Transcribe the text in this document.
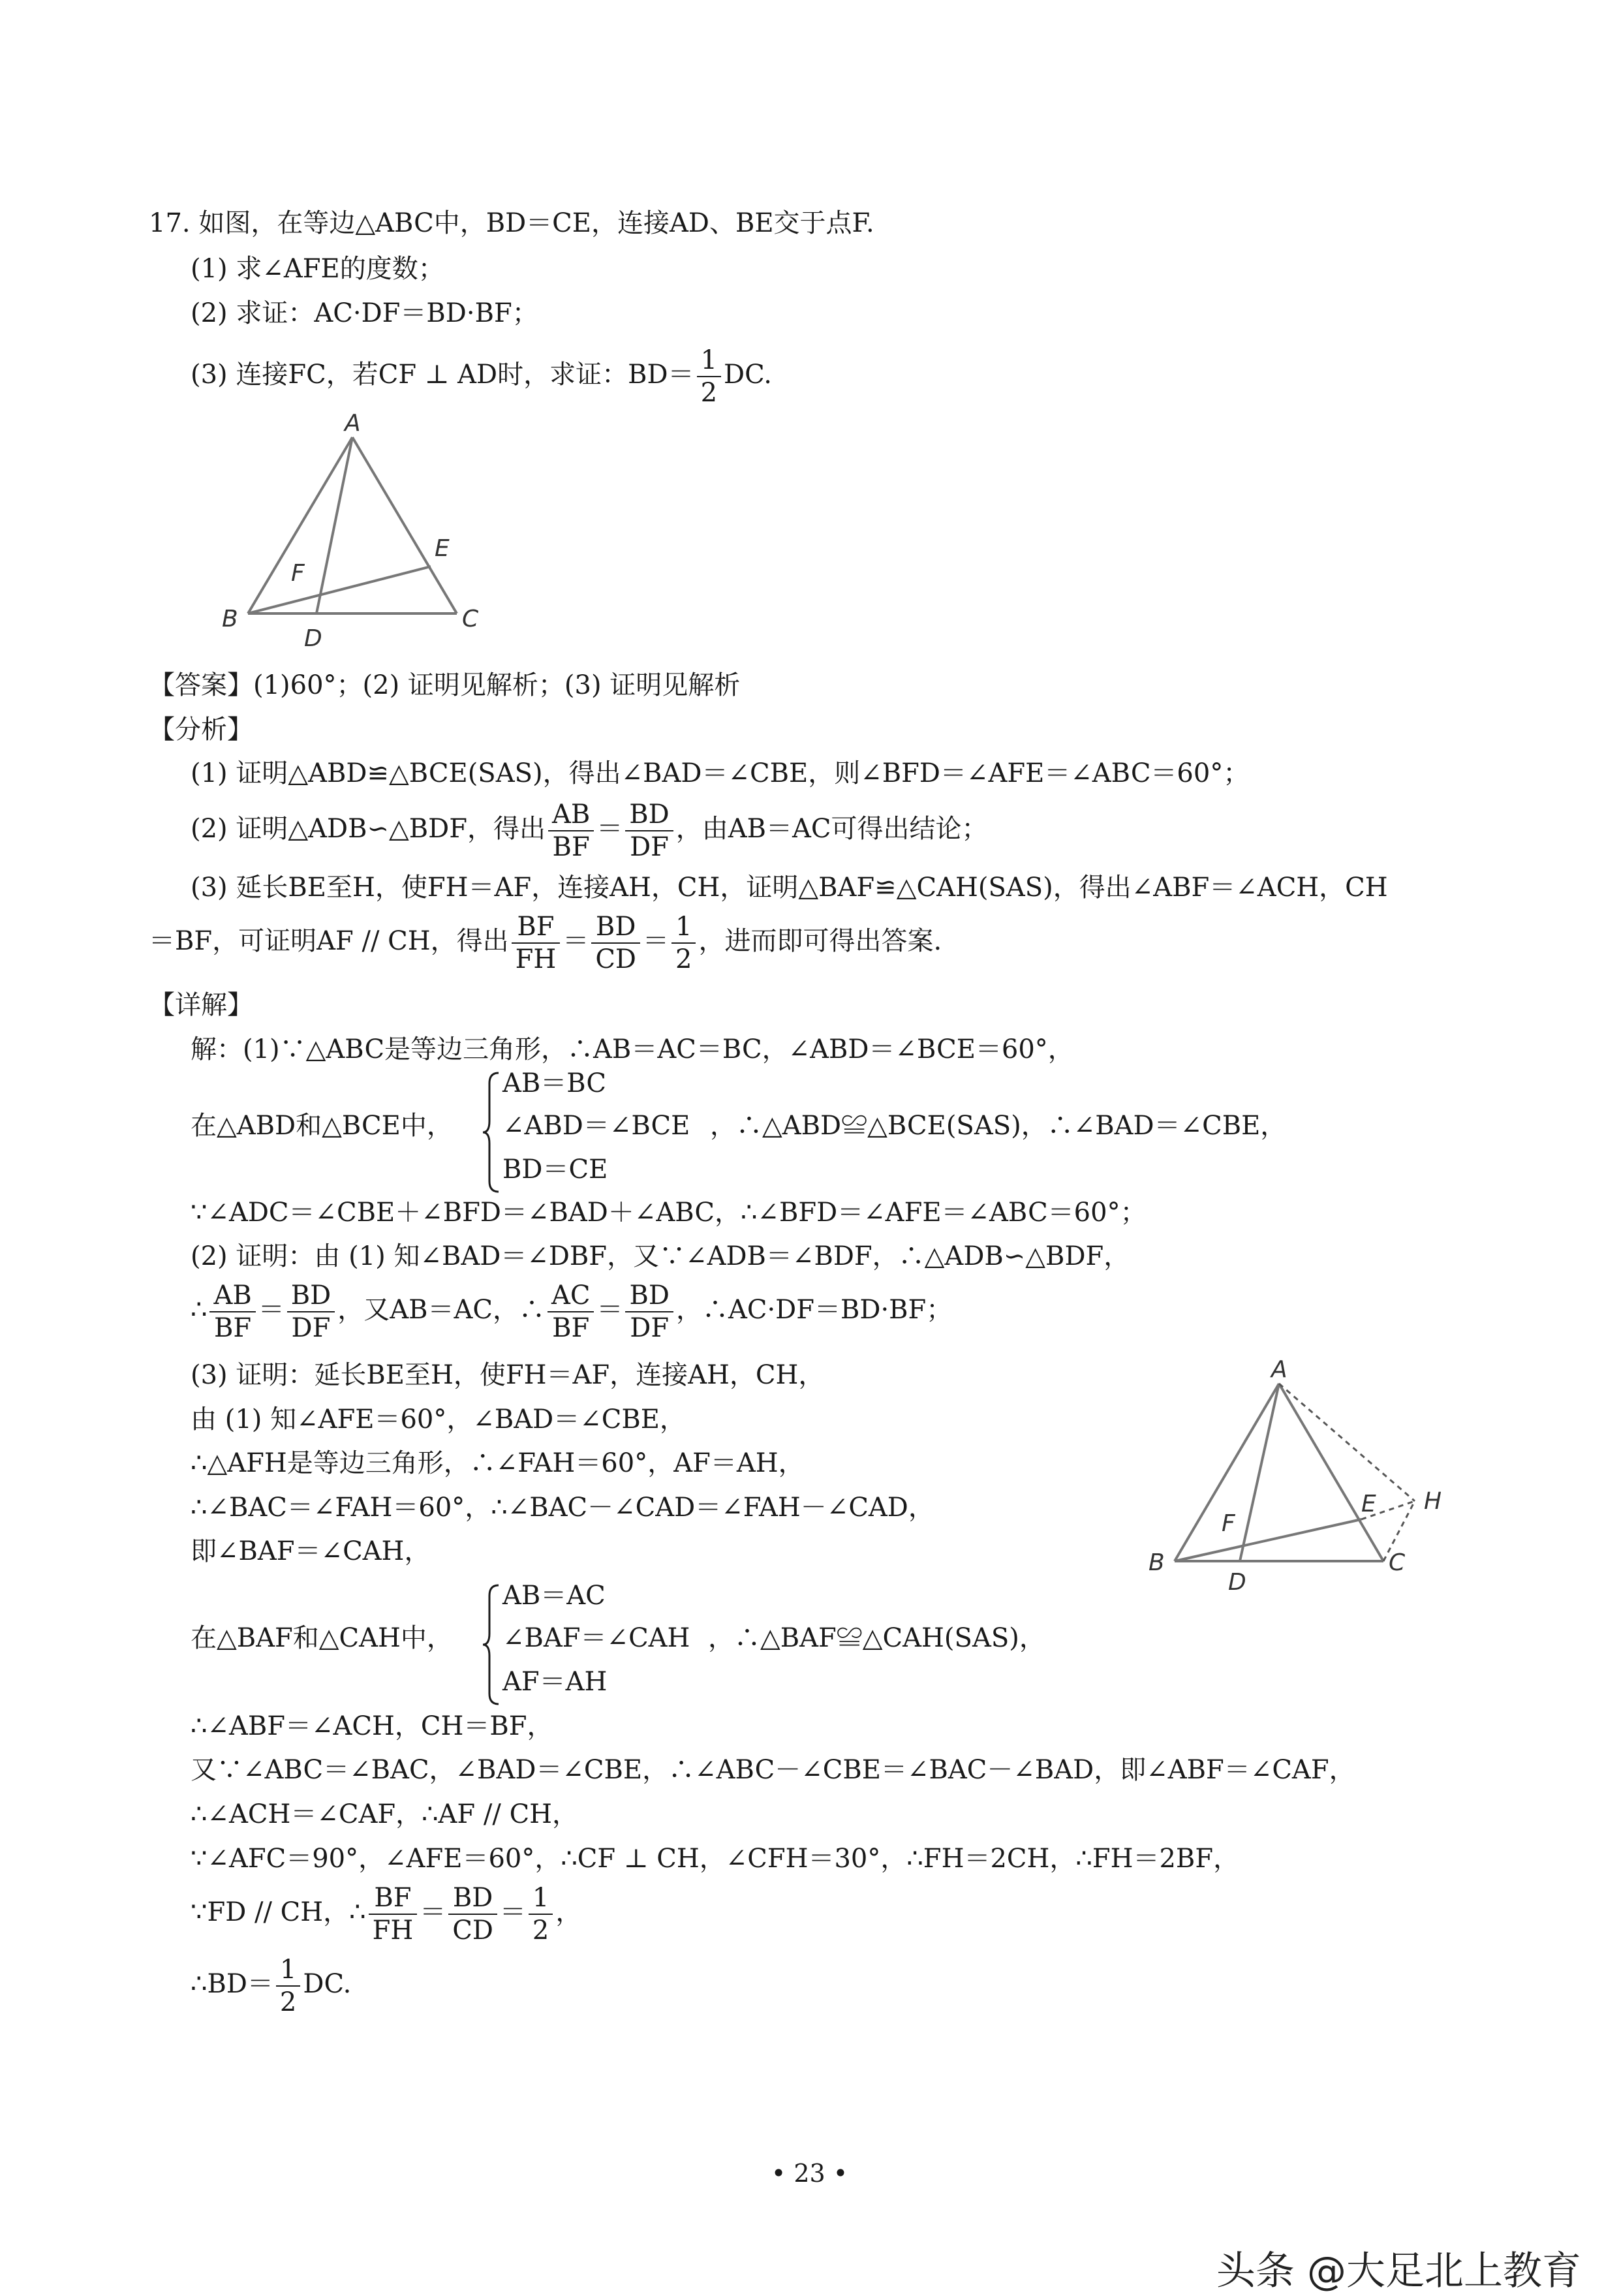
17. 如图，在等边△ABC中，BD＝CE，连接AD、BE交于点F.
(1) 求∠AFE的度数；
(2) 求证：AC·DF＝BD·BF；
(3) 连接FC，若CF ⊥ AD时，求证：$BD= \frac{1}{2}$ DC.
A
B	C
D
E
F
【答案】(1)60°；(2) 证明见解析；(3) 证明见解析
【分析】
(1) 证明△ABD≌△BCE(SAS)，得出∠BAD＝∠CBE，则∠BFD＝∠AFE＝∠ABC＝60°；
(2) 证明△ADB∽△BDF，得出 $\frac{AB}{BF} = \frac{BD}{DF}$ ，由AB＝AC可得出结论；
(3) 延长BE至H，使FH＝AF，连接AH，CH，证明△BAF≌△CAH(SAS)，得出∠ABF＝∠ACH，CH
＝BF，可证明AF // CH，得出 $\frac{BF}{FH} = \frac{BD}{CD} = \frac{1}{2}$ ，进而即可得出答案.
【详解】
解：(1)∵△ABC是等边三角形，∴AB＝AC＝BC，∠ABD＝∠BCE＝60°，
在△ABD和△BCE中，
AB＝BC
∠ABD＝∠BCE
BD＝CE
，∴△ABD≌△BCE(SAS)，∴∠BAD＝∠CBE，
∵∠ADC＝∠CBE＋∠BFD＝∠BAD＋∠ABC，∴∠BFD＝∠AFE＝∠ABC＝60°；
(2) 证明：由 (1) 知∠BAD＝∠DBF，又∵∠ADB＝∠BDF，∴△ADB∽△BDF，
∴ $\frac{AB}{BF} = \frac{BD}{DF}$ ，又AB＝AC，∴ $\frac{AC}{BF} = \frac{BD}{DF}$ ，∴AC·DF＝BD·BF；
(3) 证明：延长BE至H，使FH＝AF，连接AH，CH，
由 (1) 知∠AFE＝60°，∠BAD＝∠CBE，
∴△AFH是等边三角形，∴∠FAH＝60°，AF＝AH，
∴∠BAC＝∠FAH＝60°，∴∠BAC－∠CAD＝∠FAH－∠CAD，
即∠BAF＝∠CAH，
在△BAF和△CAH中，
AB＝AC
∠BAF＝∠CAH
AF＝AH
，∴△BAF≌△CAH(SAS)，
∴∠ABF＝∠ACH，CH＝BF，
又∵∠ABC＝∠BAC，∠BAD＝∠CBE，∴∠ABC－∠CBE＝∠BAC－∠BAD，即∠ABF＝∠CAF，
∴∠ACH＝∠CAF，∴AF // CH，
∵∠AFC＝90°，∠AFE＝60°，∴CF ⊥ CH，∠CFH＝30°，∴FH＝2CH，∴FH＝2BF，
∵FD // CH，∴ $\frac{BF}{FH} = \frac{BD}{CD} = \frac{1}{2}$ ，
∴BD＝ $\frac{1}{2}$ DC.
A
B	C
D
E
F
H
• 23 •
头条 @大足北上教育
